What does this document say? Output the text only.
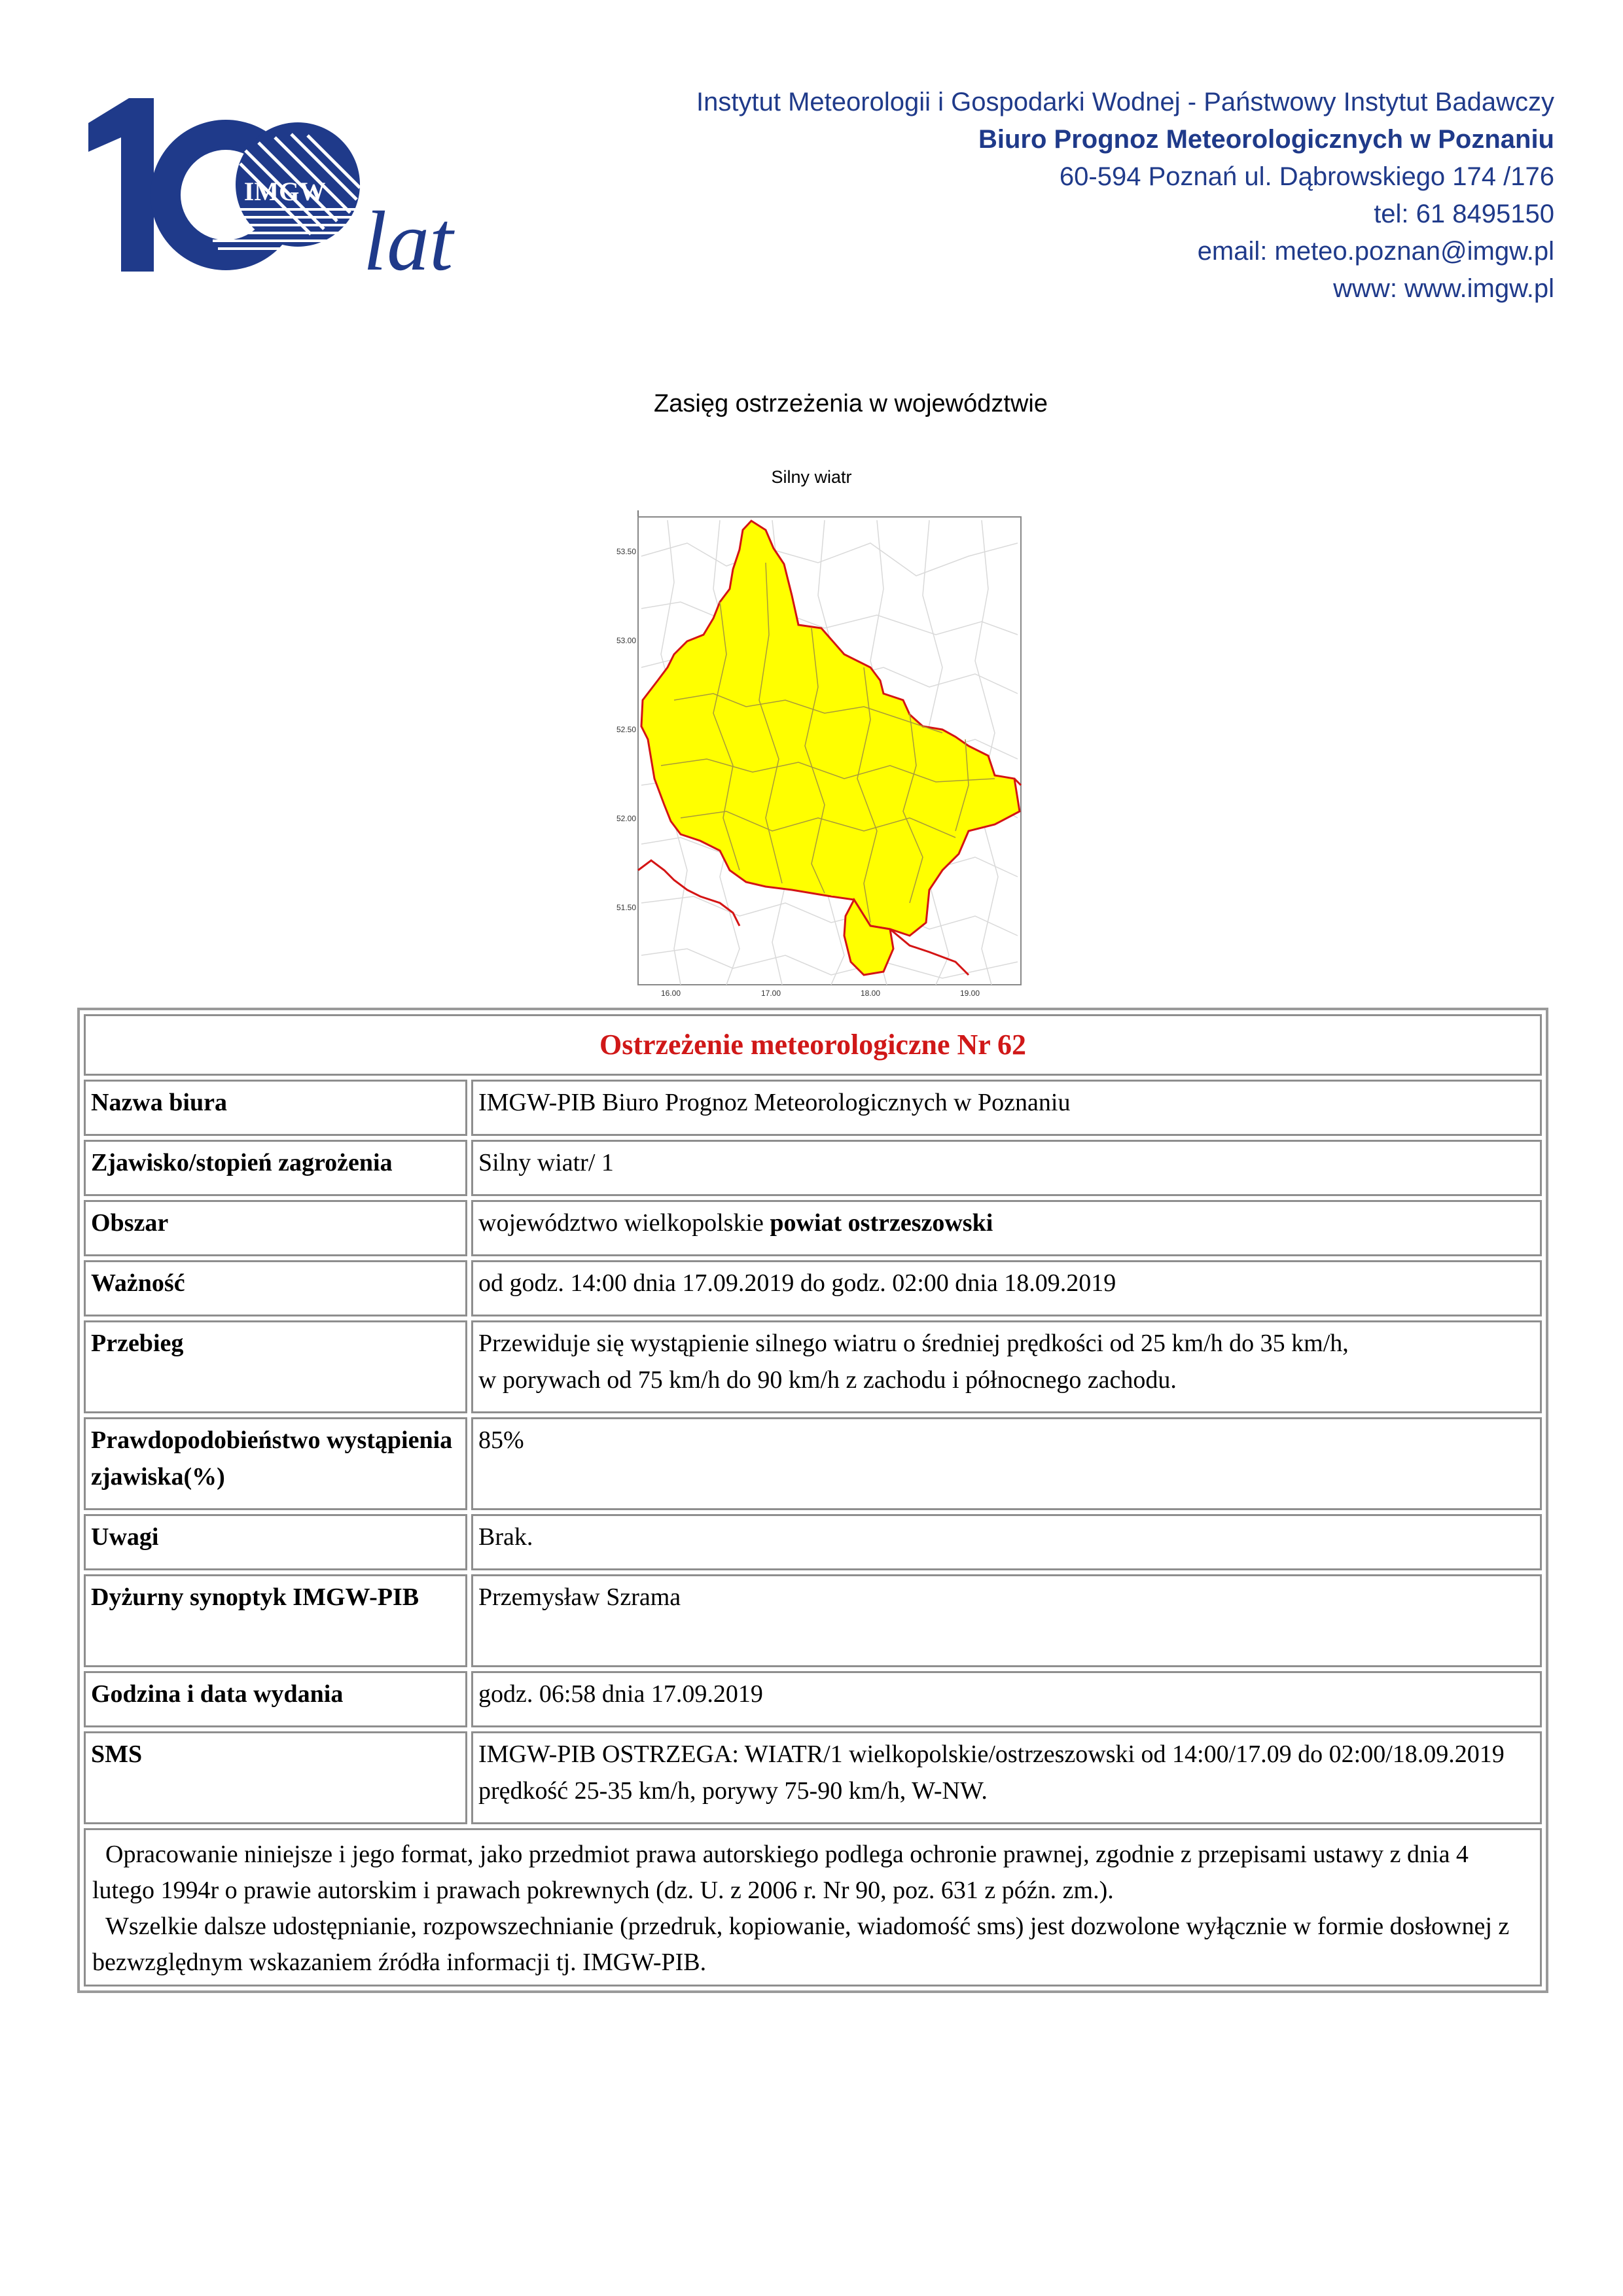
IMGW
lat
Instytut Meteorologii i Gospodarki Wodnej - Państwowy Instytut Badawczy
Biuro Prognoz Meteorologicznych w Poznaniu
60-594 Poznań ul. Dąbrowskiego 174 /176
tel: 61 8495150
email: meteo.poznan@imgw.pl
www: www.imgw.pl
Zasięg ostrzeżenia w województwie
Silny wiatr
53.50
53.00
52.50
52.00
51.50
16.00	17.00	18.00	19.00
Ostrzeżenie meteorologiczne Nr 62	
Nazwa biura	IMGW-PIB Biuro Prognoz Meteorologicznych w Poznaniu
Zjawisko/stopień zagrożenia	Silny wiatr/ 1
Obszar	województwo wielkopolskie powiat ostrzeszowski
Ważność	od godz. 14:00 dnia 17.09.2019 do godz. 02:00 dnia 18.09.2019
Przebieg	Przewiduje się wystąpienie silnego wiatru o średniej prędkości od 25 km/h do 35 km/h,
w porywach od 75 km/h do 90 km/h z zachodu i północnego zachodu.

Prawdopodobieństwo wystąpienia zjawiska(%)	85%
Uwagi	Brak.
Dyżurny synoptyk IMGW-PIB	Przemysław Szrama
Godzina i data wydania	godz. 06:58 dnia 17.09.2019
SMS	IMGW-PIB OSTRZEGA: WIATR/1 wielkopolskie/ostrzeszowski od 14:00/17.09 do 02:00/18.09.2019 prędkość 25-35 km/h, porywy 75-90 km/h, W-NW.

Opracowanie niniejsze i jego format, jako przedmiot prawa autorskiego podlega ochronie prawnej, zgodnie z przepisami ustawy z dnia 4 lutego 1994r o prawie autorskim i prawach pokrewnych (dz. U. z 2006 r. Nr 90, poz. 631 z późn. zm.).
Wszelkie dalsze udostępnianie, rozpowszechnianie (przedruk, kopiowanie, wiadomość sms) jest dozwolone wyłącznie w formie dosłownej z bezwzględnym wskazaniem źródła informacji tj. IMGW-PIB.	
